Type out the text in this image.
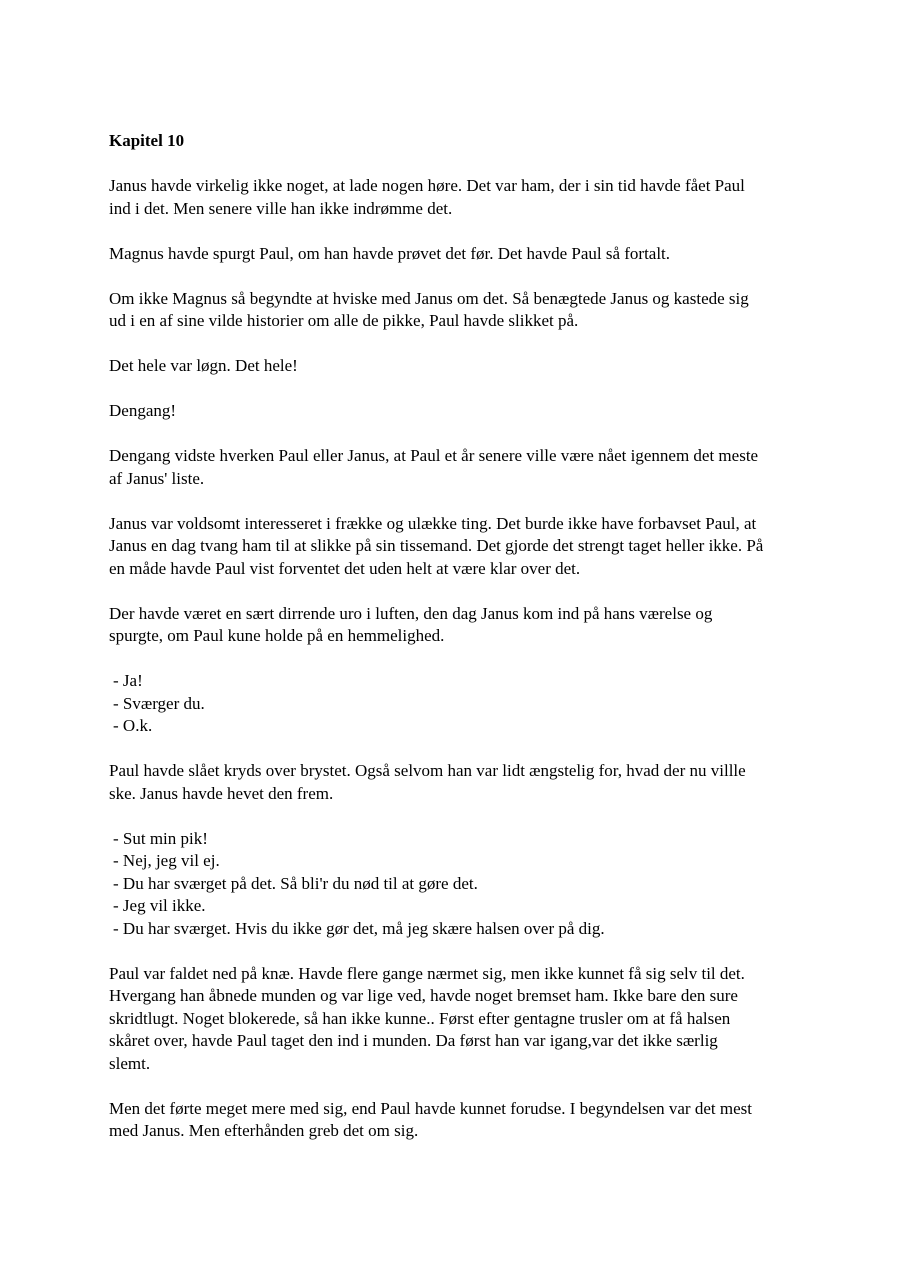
Kapitel 10

Janus havde virkelig ikke noget, at lade nogen høre. Det var ham, der i sin tid havde fået Paul
ind i det. Men senere ville han ikke indrømme det.

Magnus havde spurgt Paul, om han havde prøvet det før. Det havde Paul så fortalt.

Om ikke Magnus så begyndte at hviske med Janus om det. Så benægtede Janus og kastede sig
ud i en af sine vilde historier om alle de pikke, Paul havde slikket på.

Det hele var løgn. Det hele!

Dengang!

Dengang vidste hverken Paul eller Janus, at Paul et år senere ville være nået igennem det meste
af Janus' liste.

Janus var voldsomt interesseret i frække og ulække ting. Det burde ikke have forbavset Paul, at
Janus en dag tvang ham til at slikke på sin tissemand. Det gjorde det strengt taget heller ikke. På
en måde havde Paul vist forventet det uden helt at være klar over det.

Der havde været en sært dirrende uro i luften, den dag Janus kom ind på hans værelse og
spurgte, om Paul kune holde på en hemmelighed.

- Ja!
- Sværger du.
- O.k.

Paul havde slået kryds over brystet. Også selvom han var lidt ængstelig for, hvad der nu villle
ske. Janus havde hevet den frem.

- Sut min pik!
- Nej, jeg vil ej.
- Du har sværget på det. Så bli'r du nød til at gøre det.
- Jeg vil ikke.
- Du har sværget. Hvis du ikke gør det, må jeg skære halsen over på dig.

Paul var faldet ned på knæ. Havde flere gange nærmet sig, men ikke kunnet få sig selv til det.
Hvergang han åbnede munden og var lige ved, havde noget bremset ham. Ikke bare den sure
skridtlugt. Noget blokerede, så han ikke kunne.. Først efter gentagne trusler om at få halsen
skåret over, havde Paul taget den ind i munden. Da først han var igang,var det ikke særlig
slemt.

Men det førte meget mere med sig, end Paul havde kunnet forudse. I begyndelsen var det mest
med Janus. Men efterhånden greb det om sig.
